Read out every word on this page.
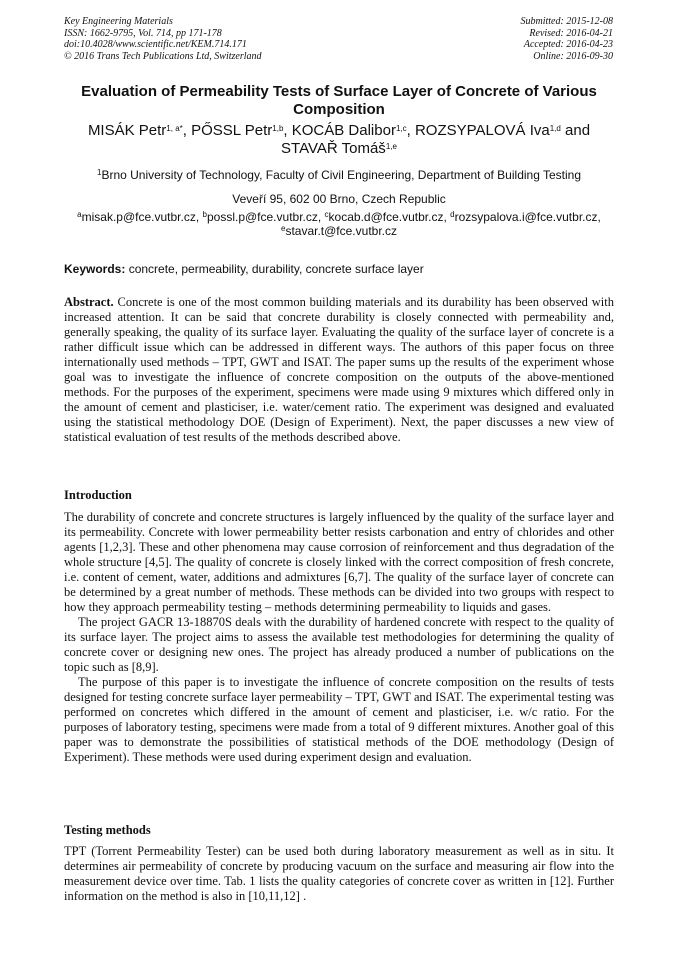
Key Engineering Materials
ISSN: 1662-9795, Vol. 714, pp 171-178
doi:10.4028/www.scientific.net/KEM.714.171
© 2016 Trans Tech Publications Ltd, Switzerland
Submitted: 2015-12-08
Revised: 2016-04-21
Accepted: 2016-04-23
Online: 2016-09-30
Evaluation of Permeability Tests of Surface Layer of Concrete of Various Composition
MISÁK Petr$^{1, a*}$, PŐSSL Petr$^{1,b}$, KOCÁB Dalibor$^{1,c}$, ROZSYPALOVÁ Iva$^{1,d}$ and STAVAŘ Tomáš$^{1,e}$
$^1$Brno University of Technology, Faculty of Civil Engineering, Department of Building Testing
Veveří 95, 602 00 Brno, Czech Republic
$^a$misak.p@fce.vutbr.cz, $^b$possl.p@fce.vutbr.cz, $^c$kocab.d@fce.vutbr.cz, $^d$rozsypalova.i@fce.vutbr.cz,
$^e$stavar.t@fce.vutbr.cz
Keywords: concrete, permeability, durability, concrete surface layer

Abstract. Concrete is one of the most common building materials and its durability has been observed with increased attention. It can be said that concrete durability is closely connected with permeability and, generally speaking, the quality of its surface layer. Evaluating the quality of the surface layer of concrete is a rather difficult issue which can be addressed in different ways. The authors of this paper focus on three internationally used methods – TPT, GWT and ISAT. The paper sums up the results of the experiment whose goal was to investigate the influence of concrete composition on the outputs of the above-mentioned methods. For the purposes of the experiment, specimens were made using 9 mixtures which differed only in the amount of cement and plasticiser, i.e. water/cement ratio. The experiment was designed and evaluated using the statistical methodology DOE (Design of Experiment). Next, the paper discusses a new view of statistical evaluation of test results of the methods described above.

Introduction

The durability of concrete and concrete structures is largely influenced by the quality of the surface layer and its permeability. Concrete with lower permeability better resists carbonation and entry of chlorides and other agents [1,2,3]. These and other phenomena may cause corrosion of reinforcement and thus degradation of the whole structure [4,5]. The quality of concrete is closely linked with the correct composition of fresh concrete, i.e. content of cement, water, additions and admixtures [6,7]. The quality of the surface layer of concrete can be determined by a great number of methods. These methods can be divided into two groups with respect to how they approach permeability testing – methods determining permeability to liquids and gases.

The project GACR 13-18870S deals with the durability of hardened concrete with respect to the quality of its surface layer. The project aims to assess the available test methodologies for determining the quality of concrete cover or designing new ones. The project has already produced a number of publications on the topic such as [8,9].

The purpose of this paper is to investigate the influence of concrete composition on the results of tests designed for testing concrete surface layer permeability – TPT, GWT and ISAT. The experimental testing was performed on concretes which differed in the amount of cement and plasticiser, i.e. w/c ratio. For the purposes of laboratory testing, specimens were made from a total of 9 different mixtures. Another goal of this paper was to demonstrate the possibilities of statistical methods of the DOE methodology (Design of Experiment). These methods were used during experiment design and evaluation.

Testing methods

TPT (Torrent Permeability Tester) can be used both during laboratory measurement as well as in situ. It determines air permeability of concrete by producing vacuum on the surface and measuring air flow into the measurement device over time. Tab. 1 lists the quality categories of concrete cover as written in [12]. Further information on the method is also in [10,11,12] .
